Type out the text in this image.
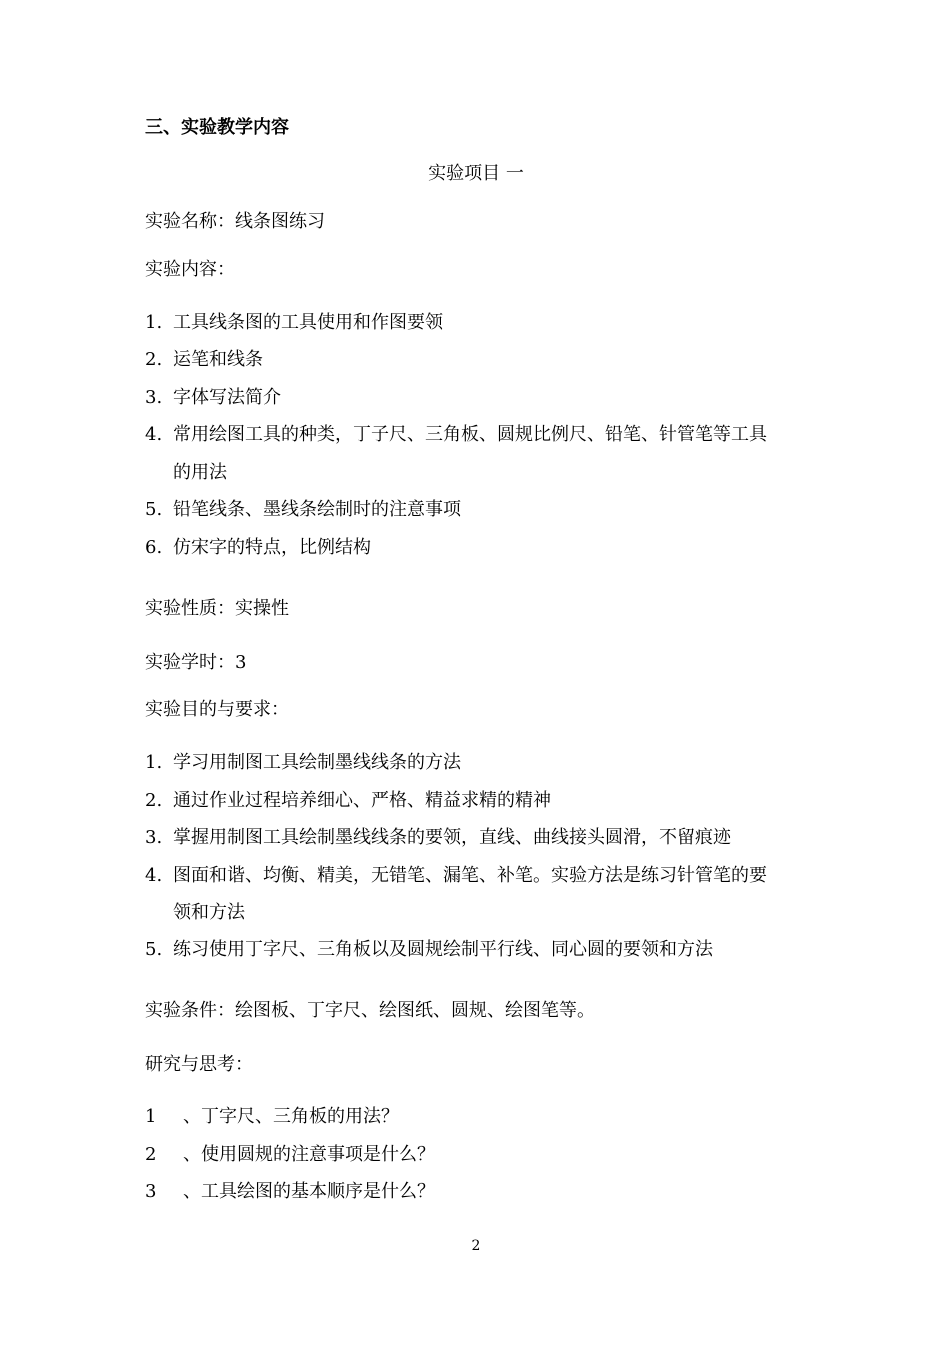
三、实验教学内容
实验项目 一
实验名称：线条图练习
实验内容：
1. 工具线条图的工具使用和作图要领
2. 运笔和线条
3. 字体写法简介
4. 常用绘图工具的种类，丁子尺、三角板、圆规比例尺、铅笔、针管笔等工具
的用法
5. 铅笔线条、墨线条绘制时的注意事项
6. 仿宋字的特点，比例结构
实验性质：实操性
实验学时：3
实验目的与要求：
1. 学习用制图工具绘制墨线线条的方法
2. 通过作业过程培养细心、严格、精益求精的精神
3. 掌握用制图工具绘制墨线线条的要领，直线、曲线接头圆滑，不留痕迹
4. 图面和谐、均衡、精美，无错笔、漏笔、补笔。实验方法是练习针管笔的要
领和方法
5. 练习使用丁字尺、三角板以及圆规绘制平行线、同心圆的要领和方法
实验条件：绘图板、丁字尺、绘图纸、圆规、绘图笔等。
研究与思考：
1 、丁字尺、三角板的用法？
2 、使用圆规的注意事项是什么？
3 、工具绘图的基本顺序是什么？
2
